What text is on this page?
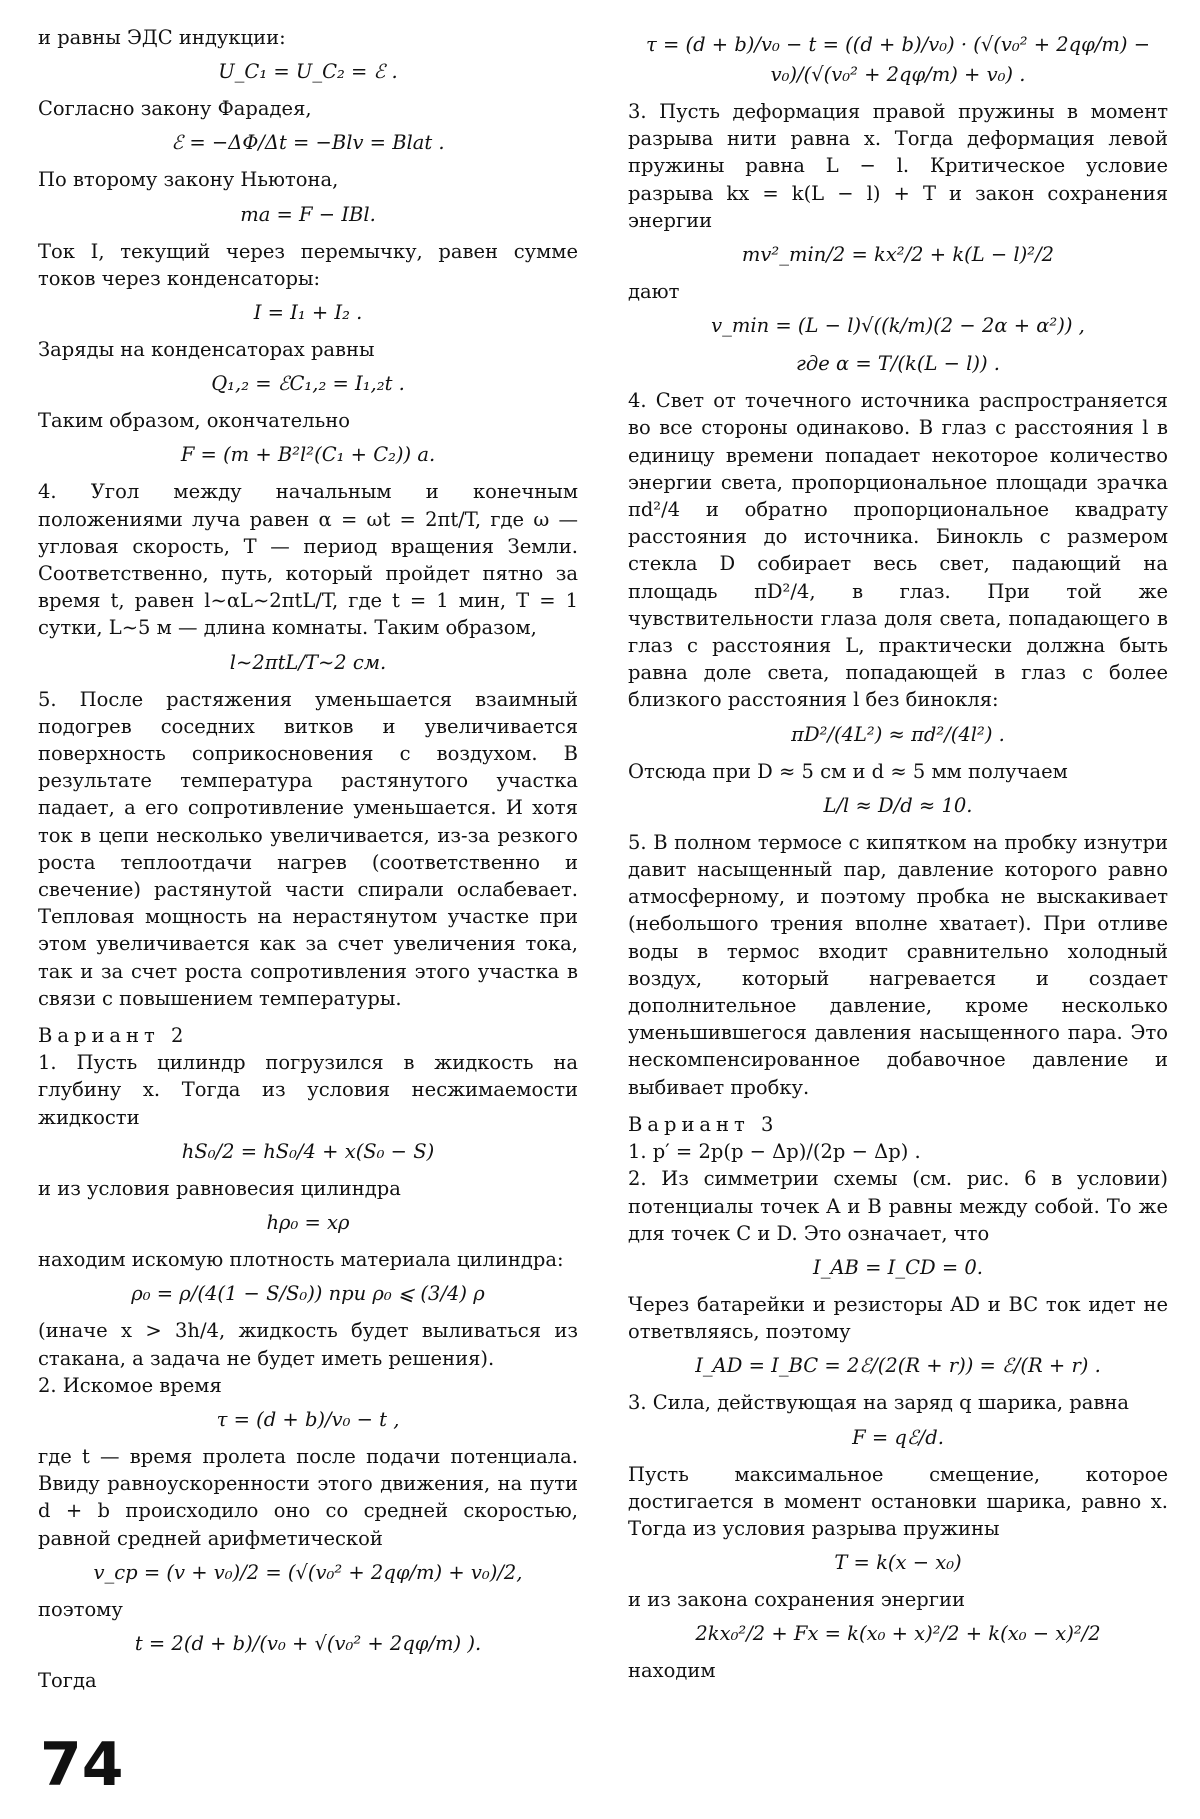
и равны ЭДС индукции:
U_C₁ = U_C₂ = ℰ .
Согласно закону Фарадея,
ℰ = −ΔΦ/Δt = −Blv = Blat .
По второму закону Ньютона,
ma = F − IBl.
Ток I, текущий через перемычку, равен сумме токов через конденсаторы:
I = I₁ + I₂ .
Заряды на конденсаторах равны
Q₁,₂ = ℰC₁,₂ = I₁,₂t .
Таким образом, окончательно
F = (m + B²l²(C₁ + C₂)) a.
4. Угол между начальным и конечным положениями луча равен α = ωt = 2πt/T, где ω — угловая скорость, T — период вращения Земли. Соответственно, путь, который пройдет пятно за время t, равен l∼αL∼2πtL/T, где t = 1 мин, T = 1 сутки, L∼5 м — длина комнаты. Таким образом,
l∼2πtL/T∼2 см.
5. После растяжения уменьшается взаимный подогрев соседних витков и увеличивается поверхность соприкосновения с воздухом. В результате температура растянутого участка падает, а его сопротивление уменьшается. И хотя ток в цепи несколько увеличивается, из-за резкого роста теплоотдачи нагрев (соответственно и свечение) растянутой части спирали ослабевает. Тепловая мощность на нерастянутом участке при этом увеличивается как за счет увеличения тока, так и за счет роста сопротивления этого участка в связи с повышением температуры.
Вариант 2
1. Пусть цилиндр погрузился в жидкость на глубину x. Тогда из условия несжимаемости жидкости
hS₀/2 = hS₀/4 + x(S₀ − S)
и из условия равновесия цилиндра
hρ₀ = xρ
находим искомую плотность материала цилиндра:
ρ₀ = ρ/(4(1 − S/S₀)) при ρ₀ ⩽ (3/4) ρ
(иначе x > 3h/4, жидкость будет выливаться из стакана, а задача не будет иметь решения).
2. Искомое время
τ = (d + b)/v₀ − t ,
где t — время пролета после подачи потенциала. Ввиду равноускоренности этого движения, на пути d + b происходило оно со средней скоростью, равной средней арифметической
v_ср = (v + v₀)/2 = (√(v₀² + 2qφ/m) + v₀)/2,
поэтому
t = 2(d + b)/(v₀ + √(v₀² + 2qφ/m) ).
Тогда
τ = (d + b)/v₀ − t = ((d + b)/v₀) · (√(v₀² + 2qφ/m) − v₀)/(√(v₀² + 2qφ/m) + v₀) .
3. Пусть деформация правой пружины в момент разрыва нити равна x. Тогда деформация левой пружины равна L − l. Критическое условие разрыва kx = k(L − l) + T и закон сохранения энергии
mv²_min/2 = kx²/2 + k(L − l)²/2
дают
v_min = (L − l)√((k/m)(2 − 2α + α²)) ,
где α = T/(k(L − l)) .
4. Свет от точечного источника распространяется во все стороны одинаково. В глаз с расстояния l в единицу времени попадает некоторое количество энергии света, пропорциональное площади зрачка πd²/4 и обратно пропорциональное квадрату расстояния до источника. Бинокль с размером стекла D собирает весь свет, падающий на площадь πD²/4, в глаз. При той же чувствительности глаза доля света, попадающего в глаз с расстояния L, практически должна быть равна доле света, попадающей в глаз с более близкого расстояния l без бинокля:
πD²/(4L²) ≈ πd²/(4l²) .
Отсюда при D ≈ 5 см и d ≈ 5 мм получаем
L/l ≈ D/d ≈ 10.
5. В полном термосе с кипятком на пробку изнутри давит насыщенный пар, давление которого равно атмосферному, и поэтому пробка не выскакивает (небольшого трения вполне хватает). При отливе воды в термос входит сравнительно холодный воздух, который нагревается и создает дополнительное давление, кроме несколько уменьшившегося давления насыщенного пара. Это нескомпенсированное добавочное давление и выбивает пробку.
Вариант 3
1. p′ = 2p(p − Δp)/(2p − Δp) .
2. Из симметрии схемы (см. рис. 6 в условии) потенциалы точек A и B равны между собой. То же для точек C и D. Это означает, что
I_AB = I_CD = 0.
Через батарейки и резисторы AD и BC ток идет не ответвляясь, поэтому
I_AD = I_BC = 2ℰ/(2(R + r)) = ℰ/(R + r) .
3. Сила, действующая на заряд q шарика, равна
F = qℰ/d.
Пусть максимальное смещение, которое достигается в момент остановки шарика, равно x. Тогда из условия разрыва пружины
T = k(x − x₀)
и из закона сохранения энергии
2kx₀²/2 + Fx = k(x₀ + x)²/2 + k(x₀ − x)²/2
находим
74
